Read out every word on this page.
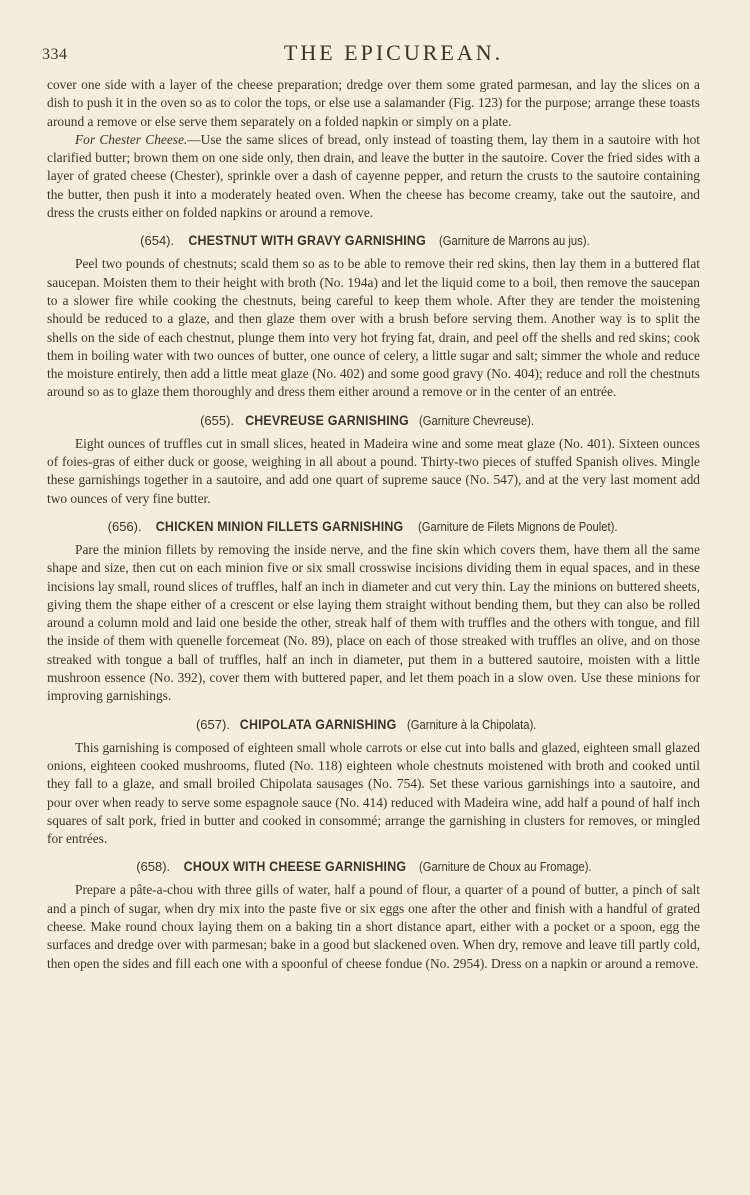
334	THE EPICUREAN.

cover one side with a layer of the cheese preparation; dredge over them some grated parmesan, and lay the slices on a dish to push it in the oven so as to color the tops, or else use a salamander (Fig. 123) for the purpose; arrange these toasts around a remove or else serve them separately on a folded napkin or simply on a plate.

For Chester Cheese.—Use the same slices of bread, only instead of toasting them, lay them in a sautoire with hot clarified butter; brown them on one side only, then drain, and leave the butter in the sautoire. Cover the fried sides with a layer of grated cheese (Chester), sprinkle over a dash of cayenne pepper, and return the crusts to the sautoire containing the butter, then push it into a moderately heated oven. When the cheese has become creamy, take out the sautoire, and dress the crusts either on folded napkins or around a remove.

(654). CHESTNUT WITH GRAVY GARNISHING (Garniture de Marrons au jus).

Peel two pounds of chestnuts; scald them so as to be able to remove their red skins, then lay them in a buttered flat saucepan. Moisten them to their height with broth (No. 194a) and let the liquid come to a boil, then remove the saucepan to a slower fire while cooking the chestnuts, being careful to keep them whole. After they are tender the moistening should be reduced to a glaze, and then glaze them over with a brush before serving them. Another way is to split the shells on the side of each chestnut, plunge them into very hot frying fat, drain, and peel off the shells and red skins; cook them in boiling water with two ounces of butter, one ounce of celery, a little sugar and salt; simmer the whole and reduce the moisture entirely, then add a little meat glaze (No. 402) and some good gravy (No. 404); reduce and roll the chestnuts around so as to glaze them thoroughly and dress them either around a remove or in the center of an entrée.

(655). CHEVREUSE GARNISHING (Garniture Chevreuse).

Eight ounces of truffles cut in small slices, heated in Madeira wine and some meat glaze (No. 401). Sixteen ounces of foies-gras of either duck or goose, weighing in all about a pound. Thirty-two pieces of stuffed Spanish olives. Mingle these garnishings together in a sautoire, and add one quart of supreme sauce (No. 547), and at the very last moment add two ounces of very fine butter.

(656). CHICKEN MINION FILLETS GARNISHING (Garniture de Filets Mignons de Poulet).

Pare the minion fillets by removing the inside nerve, and the fine skin which covers them, have them all the same shape and size, then cut on each minion five or six small crosswise incisions dividing them in equal spaces, and in these incisions lay small, round slices of truffles, half an inch in diameter and cut very thin. Lay the minions on buttered sheets, giving them the shape either of a crescent or else laying them straight without bending them, but they can also be rolled around a column mold and laid one beside the other, streak half of them with truffles and the others with tongue, and fill the inside of them with quenelle forcemeat (No. 89), place on each of those streaked with truffles an olive, and on those streaked with tongue a ball of truffles, half an inch in diameter, put them in a buttered sautoire, moisten with a little mushroon essence (No. 392), cover them with buttered paper, and let them poach in a slow oven. Use these minions for improving garnishings.

(657). CHIPOLATA GARNISHING (Garniture à la Chipolata).

This garnishing is composed of eighteen small whole carrots or else cut into balls and glazed, eighteen small glazed onions, eighteen cooked mushrooms, fluted (No. 118) eighteen whole chestnuts moistened with broth and cooked until they fall to a glaze, and small broiled Chipolata sausages (No. 754). Set these various garnishings into a sautoire, and pour over when ready to serve some espagnole sauce (No. 414) reduced with Madeira wine, add half a pound of half inch squares of salt pork, fried in butter and cooked in consommé; arrange the garnishing in clusters for removes, or mingled for entrées.

(658). CHOUX WITH CHEESE GARNISHING (Garniture de Choux au Fromage).

Prepare a pâte-a-chou with three gills of water, half a pound of flour, a quarter of a pound of butter, a pinch of salt and a pinch of sugar, when dry mix into the paste five or six eggs one after the other and finish with a handful of grated cheese. Make round choux laying them on a baking tin a short distance apart, either with a pocket or a spoon, egg the surfaces and dredge over with parmesan; bake in a good but slackened oven. When dry, remove and leave till partly cold, then open the sides and fill each one with a spoonful of cheese fondue (No. 2954). Dress on a napkin or around a remove.
